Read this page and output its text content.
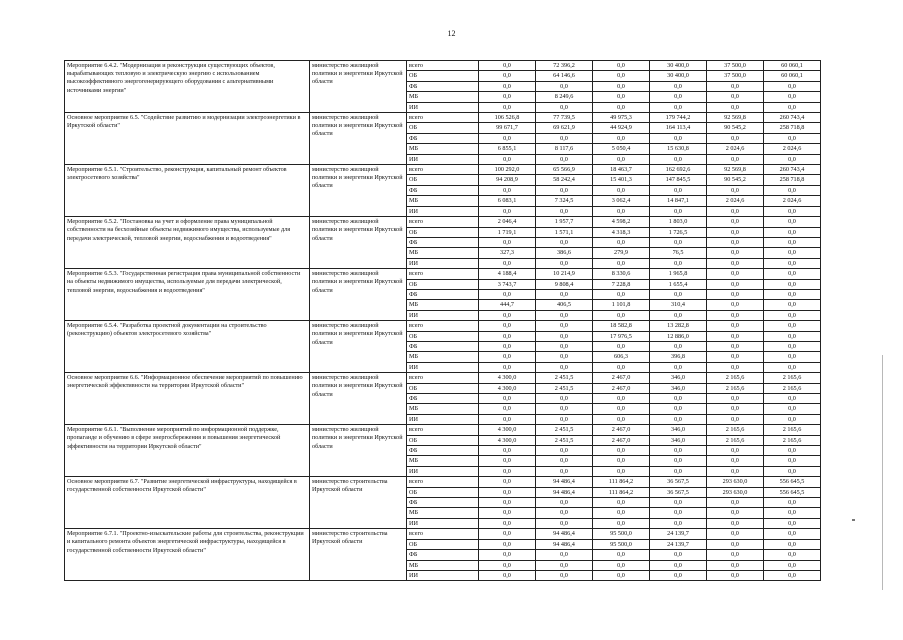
12
Мероприятие 6.4.2. "Модернизация и реконструкция существующих объектов, вырабатывающих тепловую и электрическую энергию с использованием высокоэффективного энергогенерирующего оборудования с альтернативными источниками энергии"	министерство жилищной политики и энергетики Иркутской области	всего	0,0	72 396,2	0,0	30 400,0	37 500,0	60 060,1
		ОБ	0,0	64 146,6	0,0	30 400,0	37 500,0	60 060,1
		ФБ	0,0	0,0	0,0	0,0	0,0	0,0
		МБ	0,0	8 249,6	0,0	0,0	0,0	0,0
		ИИ	0,0	0,0	0,0	0,0	0,0	0,0
Основное мероприятие 6.5. "Содействие развитию и модернизации электроэнергетики в Иркутской области"	министерство жилищной политики и энергетики Иркутской области	всего	106 526,8	77 739,5	49 975,3	179 744,2	92 569,8	260 743,4
		ОБ	99 671,7	69 621,9	44 924,9	164 113,4	90 545,2	258 718,8
		ФБ	0,0	0,0	0,0	0,0	0,0	0,0
		МБ	6 855,1	8 117,6	5 050,4	15 630,8	2 024,6	2 024,6
		ИИ	0,0	0,0	0,0	0,0	0,0	0,0
Мероприятие 6.5.1. "Строительство, реконструкция, капитальный ремонт объектов электросетевого хозяйства"	министерство жилищной политики и энергетики Иркутской области	всего	100 292,0	65 566,9	18 463,7	162 692,6	92 569,8	260 743,4
		ОБ	94 208,9	58 242,4	15 401,3	147 845,5	90 545,2	258 718,8
		ФБ	0,0	0,0	0,0	0,0	0,0	0,0
		МБ	6 083,1	7 324,5	3 062,4	14 847,1	2 024,6	2 024,6
		ИИ	0,0	0,0	0,0	0,0	0,0	0,0
Мероприятие 6.5.2. "Постановка на учет и оформление права муниципальной собственности на бесхозяйные объекты недвижимого имущества, используемые для передачи электрической, тепловой энергии, водоснабжения и водоотведения"	министерство жилищной политики и энергетики Иркутской области	всего	2 046,4	1 957,7	4 598,2	1 803,0	0,0	0,0
		ОБ	1 719,1	1 571,1	4 318,3	1 726,5	0,0	0,0
		ФБ	0,0	0,0	0,0	0,0	0,0	0,0
		МБ	327,3	386,6	279,9	76,5	0,0	0,0
		ИИ	0,0	0,0	0,0	0,0	0,0	0,0
Мероприятие 6.5.3. "Государственная регистрация права муниципальной собственности на объекты недвижимого имущества, используемые для передачи электрической, тепловой энергии, водоснабжения и водоотведения"	министерство жилищной политики и энергетики Иркутской области	всего	4 188,4	10 214,9	8 330,6	1 965,8	0,0	0,0
		ОБ	3 743,7	9 808,4	7 228,8	1 655,4	0,0	0,0
		ФБ	0,0	0,0	0,0	0,0	0,0	0,0
		МБ	444,7	406,5	1 101,8	310,4	0,0	0,0
		ИИ	0,0	0,0	0,0	0,0	0,0	0,0
Мероприятие 6.5.4. "Разработка проектной документации на строительство (реконструкцию) объектов электросетевого хозяйства"	министерство жилищной политики и энергетики Иркутской области	всего	0,0	0,0	18 582,8	13 282,8	0,0	0,0
		ОБ	0,0	0,0	17 976,5	12 886,0	0,0	0,0
		ФБ	0,0	0,0	0,0	0,0	0,0	0,0
		МБ	0,0	0,0	606,3	396,8	0,0	0,0
		ИИ	0,0	0,0	0,0	0,0	0,0	0,0
Основное мероприятие 6.6. "Информационное обеспечение мероприятий по повышению энергетической эффективности на территории Иркутской области"	министерство жилищной политики и энергетики Иркутской области	всего	4 300,0	2 451,5	2 467,0	346,0	2 165,6	2 165,6
		ОБ	4 300,0	2 451,5	2 467,0	346,0	2 165,6	2 165,6
		ФБ	0,0	0,0	0,0	0,0	0,0	0,0
		МБ	0,0	0,0	0,0	0,0	0,0	0,0
		ИИ	0,0	0,0	0,0	0,0	0,0	0,0
Мероприятие 6.6.1. "Выполнение мероприятий по информационной поддержке, пропаганде и обучению в сфере энергосбережения и повышения энергетической эффективности на территории Иркутской области"	министерство жилищной политики и энергетики Иркутской области	всего	4 300,0	2 451,5	2 467,0	346,0	2 165,6	2 165,6
		ОБ	4 300,0	2 451,5	2 467,0	346,0	2 165,6	2 165,6
		ФБ	0,0	0,0	0,0	0,0	0,0	0,0
		МБ	0,0	0,0	0,0	0,0	0,0	0,0
		ИИ	0,0	0,0	0,0	0,0	0,0	0,0
Основное мероприятие 6.7. "Развитие энергетической инфраструктуры, находящейся в государственной собственности Иркутской области"	министерство строительства Иркутской области	всего	0,0	94 486,4	111 864,2	36 567,5	293 630,0	556 645,5
		ОБ	0,0	94 486,4	111 864,2	36 567,5	293 630,0	556 645,5
		ФБ	0,0	0,0	0,0	0,0	0,0	0,0
		МБ	0,0	0,0	0,0	0,0	0,0	0,0
		ИИ	0,0	0,0	0,0	0,0	0,0	0,0
Мероприятие 6.7.1. "Проектно-изыскательские работы для строительства, реконструкции и капитального ремонта объектов энергетической инфраструктуры, находящейся в государственной собственности Иркутской области"	министерство строительства Иркутской области	всего	0,0	94 486,4	95 500,0	24 139,7	0,0	0,0
		ОБ	0,0	94 486,4	95 500,0	24 139,7	0,0	0,0
		ФБ	0,0	0,0	0,0	0,0	0,0	0,0
		МБ	0,0	0,0	0,0	0,0	0,0	0,0
		ИИ	0,0	0,0	0,0	0,0	0,0	0,0
